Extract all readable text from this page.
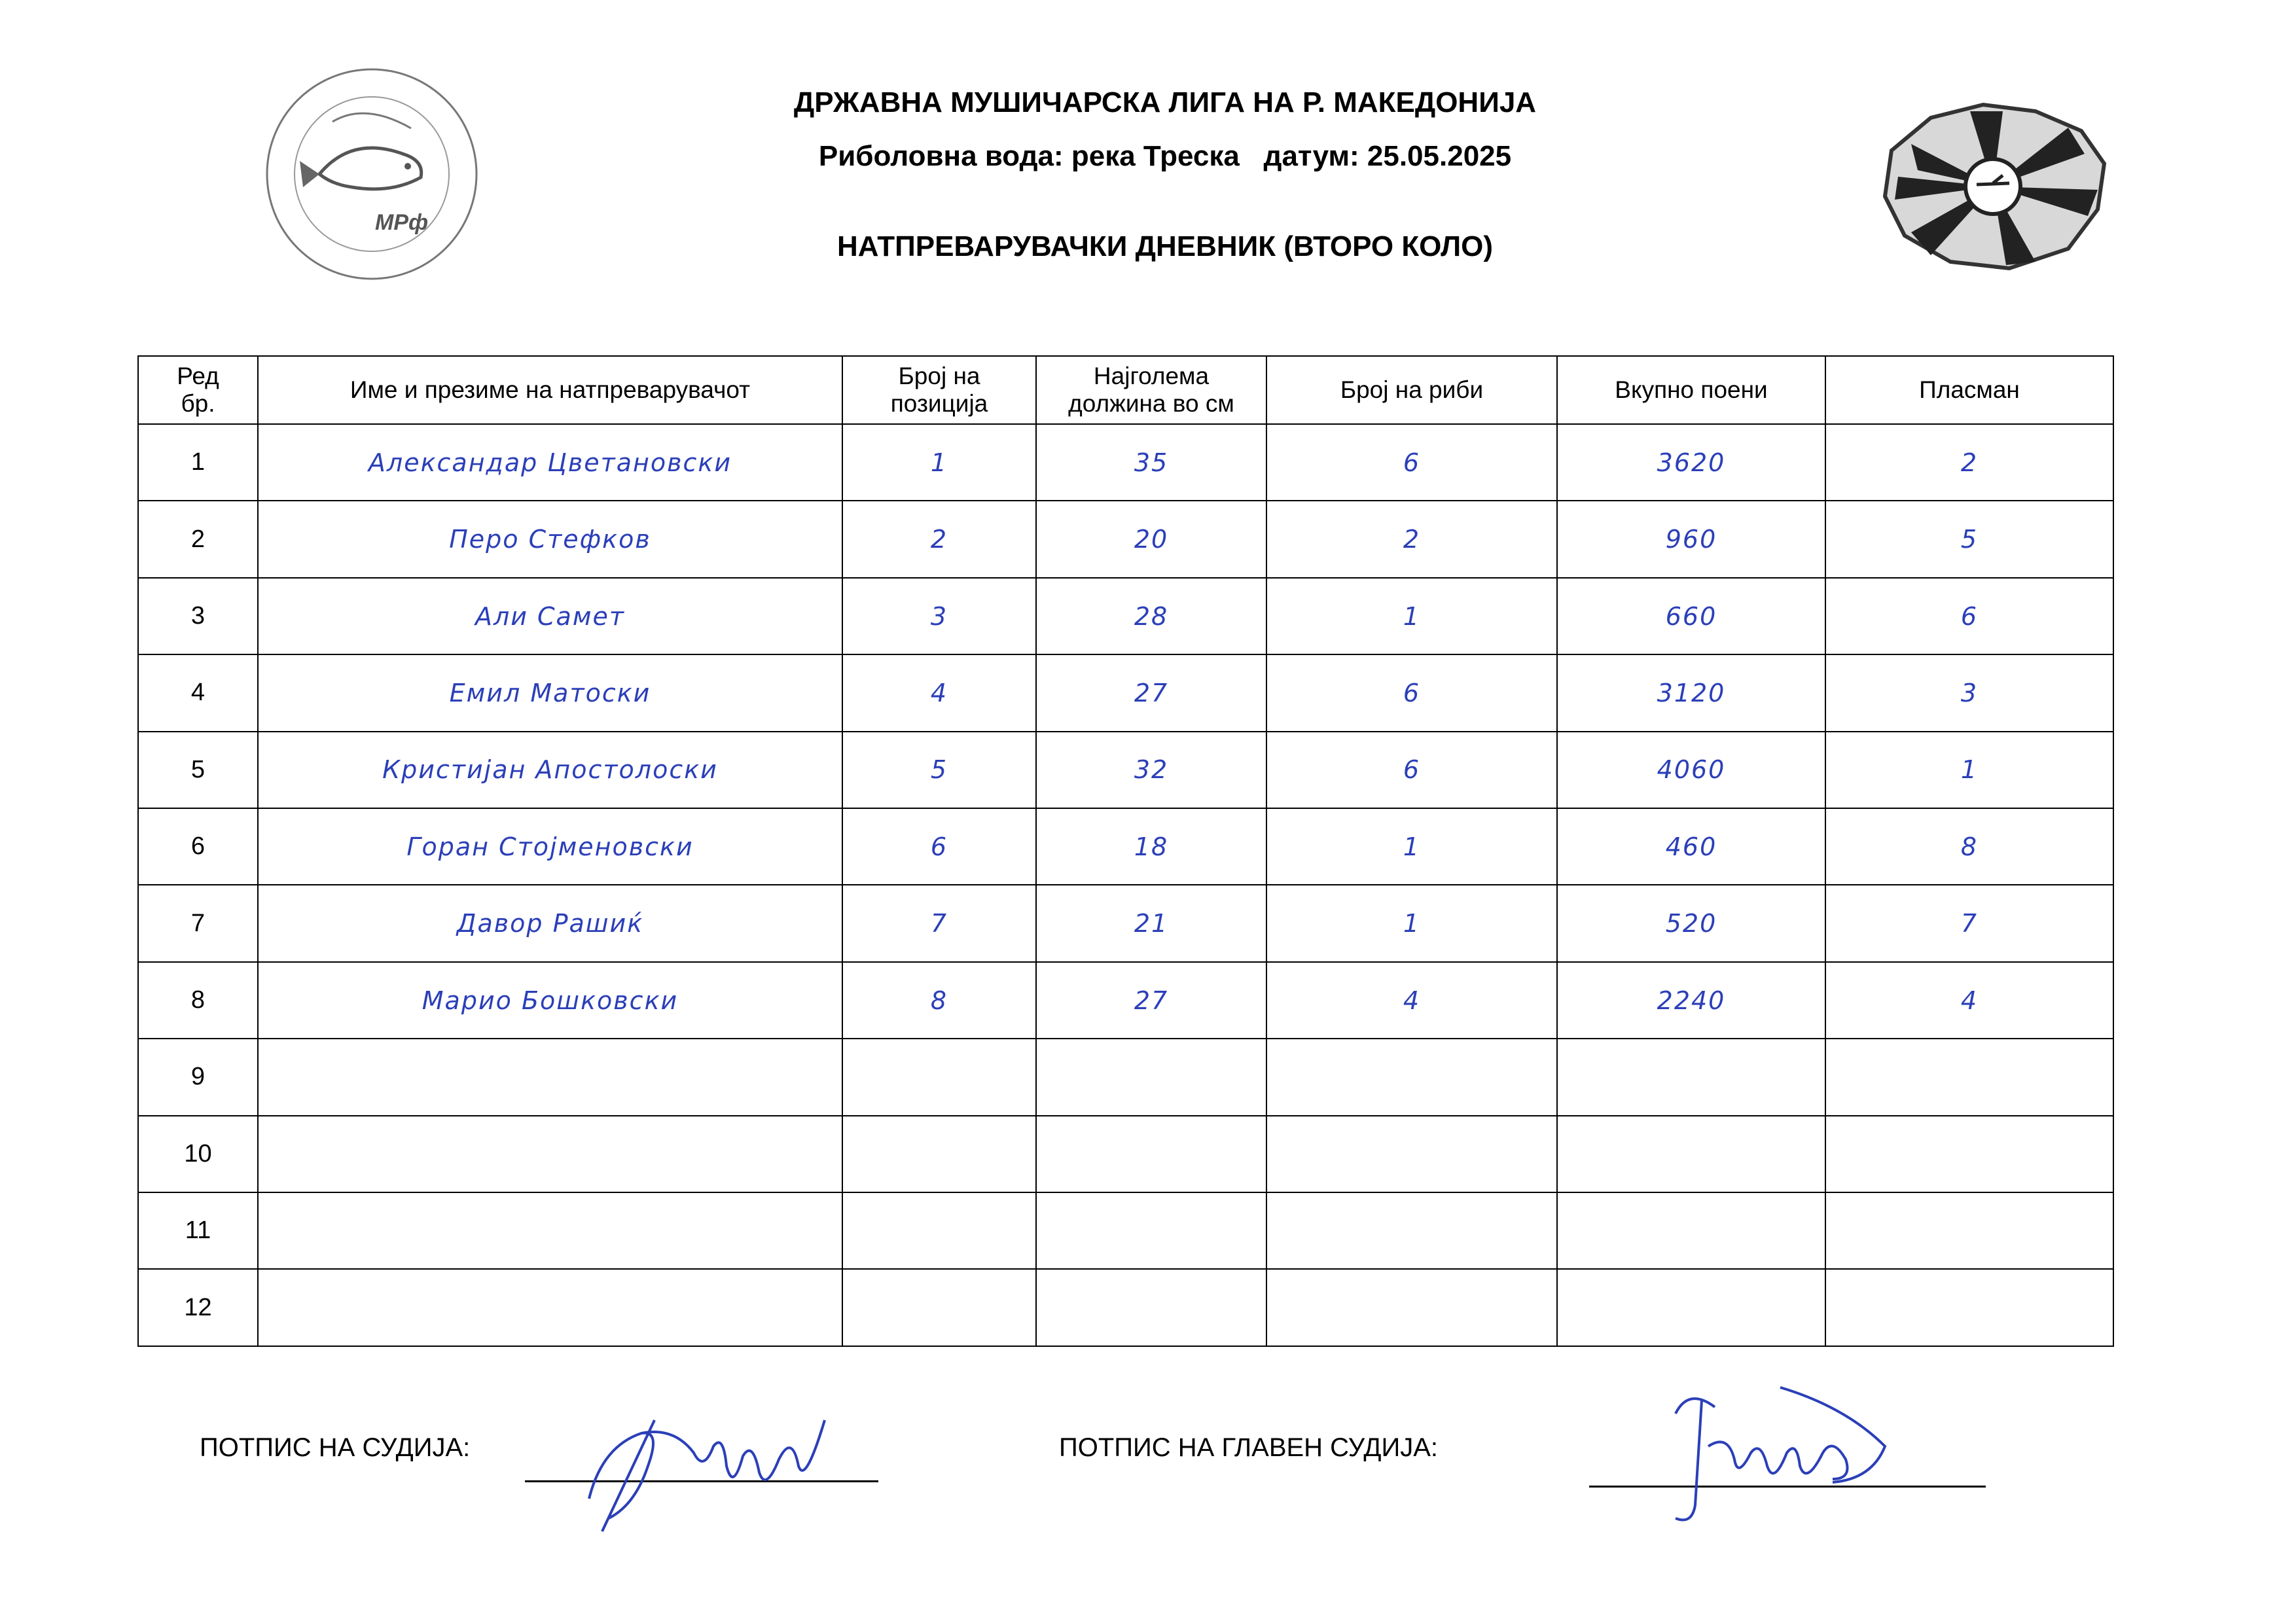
МРф
ДРЖАВНА МУШИЧАРСКА ЛИГА НА Р. МАКЕДОНИЈА
Риболовна вода: река Треска   датум: 25.05.2025
НАТПРЕВАРУВАЧКИ ДНЕВНИК (ВТОРО КОЛО)
Ред бр.	Име и презиме на натпреварувачот	Број на позиција	Најголема должина во см	Број на риби	Вкупно поени	Пласман
1	Александар Цветановски	1	35	6	3620	2
2	Перо Стефков	2	20	2	960	5
3	Али Самет	3	28	1	660	6
4	Емил Матоски	4	27	6	3120	3
5	Кристијан Апостолоски	5	32	6	4060	1
6	Горан Стојменовски	6	18	1	460	8
7	Давор Рашиќ	7	21	1	520	7
8	Марио Бошковски	8	27	4	2240	4
9						
10						
11						
12						
ПОТПИС НА СУДИЈА:	ПОТПИС НА ГЛАВЕН СУДИЈА:
